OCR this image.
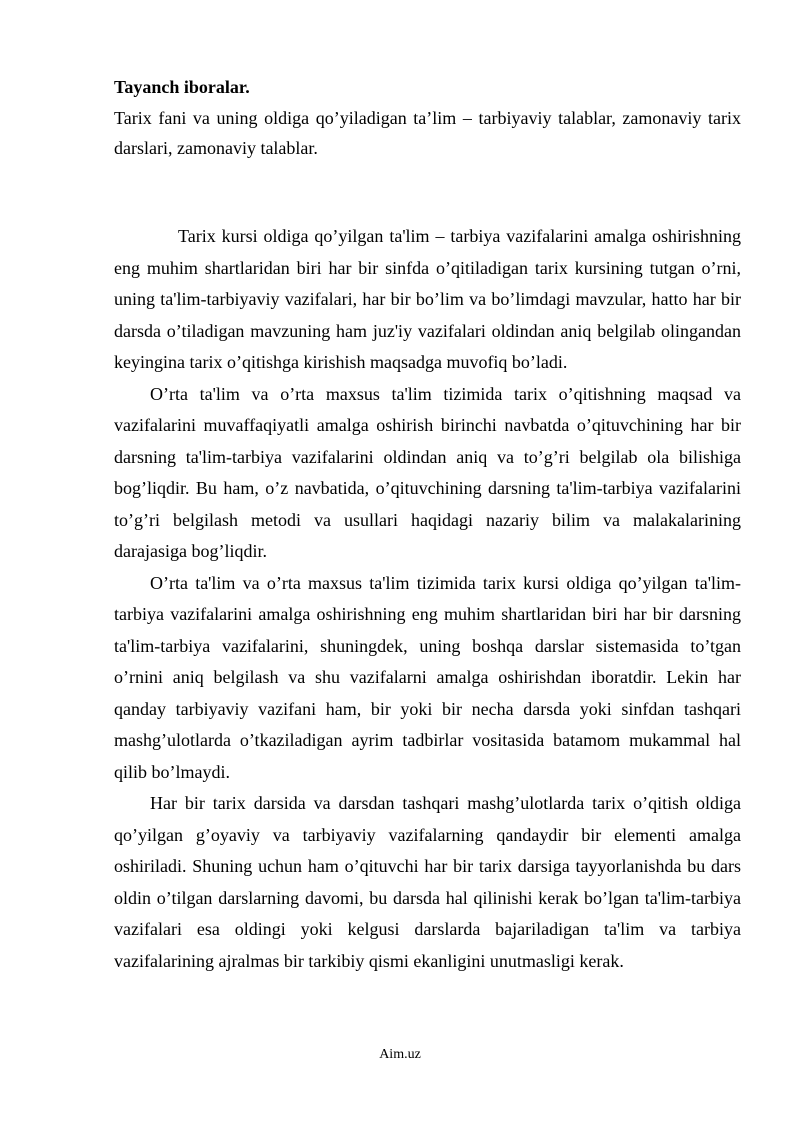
Tayanch iboralar.

Tarix fani va uning oldiga qo’yiladigan ta’lim – tarbiyaviy talablar, zamonaviy tarix darslari, zamonaviy talablar.

Tarix kursi oldiga qo’yilgan ta'lim – tarbiya vazifalarini amalga oshirishning eng muhim shartlaridan biri har bir sinfda o’qitiladigan tarix kursining tutgan o’rni, uning ta'lim-tarbiyaviy vazifalari, har bir bo’lim va bo’limdagi mavzular, hatto har bir darsda o’tiladigan mavzuning ham juz'iy vazifalari oldindan aniq belgilab olingandan keyingina tarix o’qitishga kirishish maqsadga muvofiq bo’ladi.

O’rta ta'lim va o’rta maxsus ta'lim tizimida tarix o’qitishning maqsad va vazifalarini muvaffaqiyatli amalga oshirish birinchi navbatda o’qituvchining har bir darsning ta'lim-tarbiya vazifalarini oldindan aniq va to’g’ri belgilab ola bilishiga bog’liqdir. Bu ham, o’z navbatida, o’qituvchining darsning ta'lim-tarbiya vazifalarini to’g’ri belgilash metodi va usullari haqidagi nazariy bilim va malakalarining darajasiga bog’liqdir.

O’rta ta'lim va o’rta maxsus ta'lim tizimida tarix kursi oldiga qo’yilgan ta'lim-tarbiya vazifalarini amalga oshirishning eng muhim shartlaridan biri har bir darsning ta'lim-tarbiya vazifalarini, shuningdek, uning boshqa darslar sistemasida to’tgan o’rnini aniq belgilash va shu vazifalarni amalga oshirishdan iboratdir. Lekin har qanday tarbiyaviy vazifani ham, bir yoki bir necha darsda yoki sinfdan tashqari mashg’ulotlarda o’tkaziladigan ayrim tadbirlar vositasida batamom mukammal hal qilib bo’lmaydi.

Har bir tarix darsida va darsdan tashqari mashg’ulotlarda tarix o’qitish oldiga qo’yilgan g’oyaviy va tarbiyaviy vazifalarning qandaydir bir elementi amalga oshiriladi. Shuning uchun ham o’qituvchi har bir tarix darsiga tayyorlanishda bu dars oldin o’tilgan darslarning davomi, bu darsda hal qilinishi kerak bo’lgan ta'lim-tarbiya vazifalari esa oldingi yoki kelgusi darslarda bajariladigan ta'lim va tarbiya vazifalarining ajralmas bir tarkibiy qismi ekanligini unutmasligi kerak.

Aim.uz
